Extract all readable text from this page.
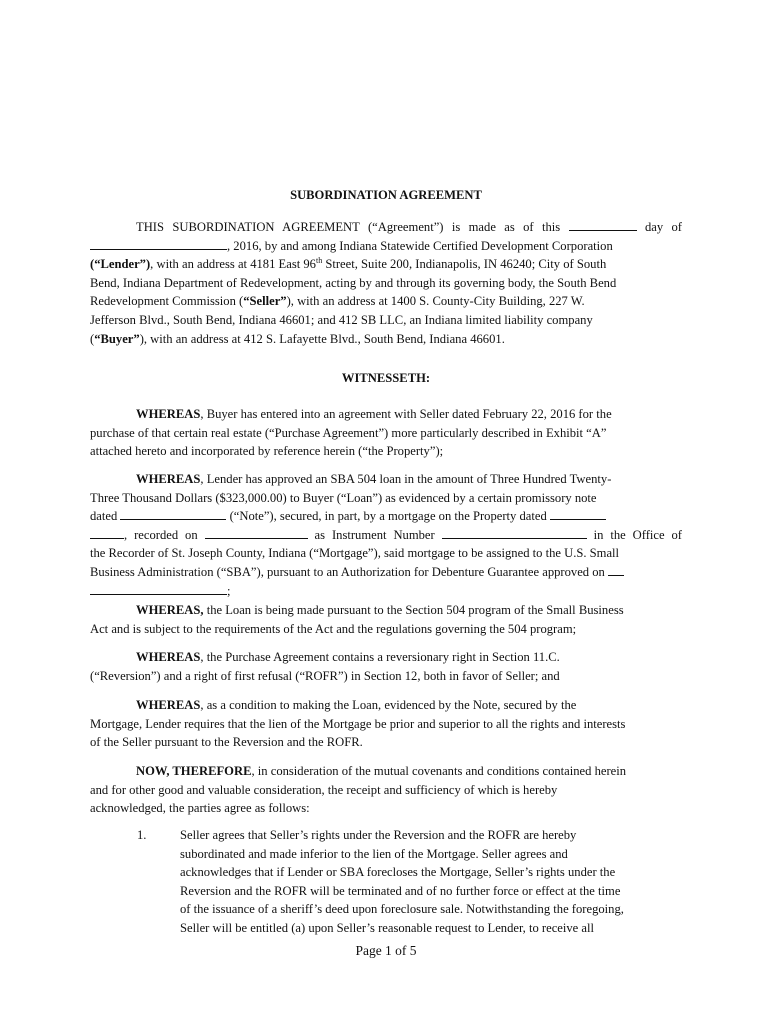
SUBORDINATION AGREEMENT
THIS SUBORDINATION AGREEMENT (“Agreement”) is made as of this	day of
, 2016, by and among Indiana Statewide Certified Development Corporation
(“Lender”), with an address at 4181 East 96th Street, Suite 200, Indianapolis, IN 46240; City of South
Bend, Indiana Department of Redevelopment, acting by and through its governing body, the South Bend
Redevelopment Commission (“Seller”), with an address at 1400 S. County-City Building, 227 W.
Jefferson Blvd., South Bend, Indiana 46601; and 412 SB LLC, an Indiana limited liability company
(“Buyer”), with an address at 412 S. Lafayette Blvd., South Bend, Indiana 46601.
WITNESSETH:
WHEREAS, Buyer has entered into an agreement with Seller dated February 22, 2016 for the
purchase of that certain real estate (“Purchase Agreement”) more particularly described in Exhibit “A”
attached hereto and incorporated by reference herein (“the Property”);
WHEREAS, Lender has approved an SBA 504 loan in the amount of Three Hundred Twenty-
Three Thousand Dollars ($323,000.00) to Buyer (“Loan”) as evidenced by a certain promissory note
dated	(“Note”), secured, in part, by a mortgage on the Property dated
, recorded on	as Instrument Number	in the Office of
the Recorder of St. Joseph County, Indiana (“Mortgage”), said mortgage to be assigned to the U.S. Small
Business Administration (“SBA”), pursuant to an Authorization for Debenture Guarantee approved on
;
WHEREAS, the Loan is being made pursuant to the Section 504 program of the Small Business
Act and is subject to the requirements of the Act and the regulations governing the 504 program;
WHEREAS, the Purchase Agreement contains a reversionary right in Section 11.C.
(“Reversion”) and a right of first refusal (“ROFR”) in Section 12, both in favor of Seller; and
WHEREAS, as a condition to making the Loan, evidenced by the Note, secured by the
Mortgage, Lender requires that the lien of the Mortgage be prior and superior to all the rights and interests
of the Seller pursuant to the Reversion and the ROFR.
NOW, THEREFORE, in consideration of the mutual covenants and conditions contained herein
and for other good and valuable consideration, the receipt and sufficiency of which is hereby
acknowledged, the parties agree as follows:
1.	Seller agrees that Seller’s rights under the Reversion and the ROFR are hereby
subordinated and made inferior to the lien of the Mortgage. Seller agrees and
acknowledges that if Lender or SBA forecloses the Mortgage, Seller’s rights under the
Reversion and the ROFR will be terminated and of no further force or effect at the time
of the issuance of a sheriff’s deed upon foreclosure sale. Notwithstanding the foregoing,
Seller will be entitled (a) upon Seller’s reasonable request to Lender, to receive all
Page 1 of 5
